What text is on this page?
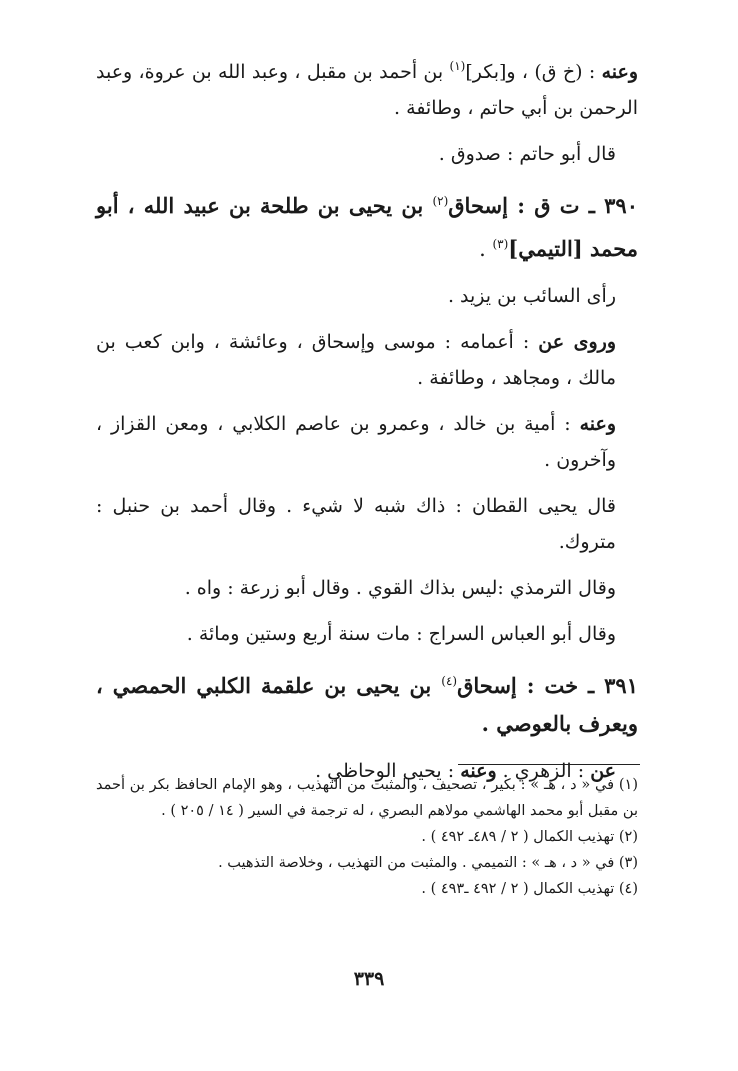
وعنه : (خ ق) ، و[بكر]$^{(١)}$ بن أحمد بن مقبل ، وعبد الله بن عروة، وعبد الرحمن بن أبي حاتم ، وطائفة .

قال أبو حاتم : صدوق .

٣٩٠ ـ ت ق : إسحاق$^{(٢)}$ بن يحيى بن طلحة بن عبيد الله ، أبو محمد [التيمي]$^{(٣)}$ .

رأى السائب بن يزيد .

وروى عن : أعمامه : موسى وإسحاق ، وعائشة ، وابن كعب بن مالك ، ومجاهد ، وطائفة .

وعنه : أمية بن خالد ، وعمرو بن عاصم الكلابي ، ومعن القزاز ، وآخرون .

قال يحيى القطان : ذاك شبه لا شيء . وقال أحمد بن حنبل : متروك.

وقال الترمذي :ليس بذاك القوي . وقال أبو زرعة : واه .

وقال أبو العباس السراج : مات سنة أربع وستين ومائة .

٣٩١ ـ خت : إسحاق$^{(٤)}$ بن يحيى بن علقمة الكلبي الحمصي ، ويعرف بالعوصي .

عن : الزهري . وعنه : يحيى الوحاظي .

(١) في « د ، هـ » : بكير ، تصحيف ، والمثبت من التهذيب ، وهو الإمام الحافظ بكر بن أحمد بن مقبل أبو محمد الهاشمي مولاهم البصري ، له ترجمة في السير ( ١٤ / ٢٠٥ ) .

(٢) تهذيب الكمال ( ٢ / ٤٨٩ـ ٤٩٢ ) .

(٣) في « د ، هـ » : التميمي . والمثبت من التهذيب ، وخلاصة التذهيب .

(٤) تهذيب الكمال ( ٢ / ٤٩٢ ـ٤٩٣ ) .

٣٣٩
